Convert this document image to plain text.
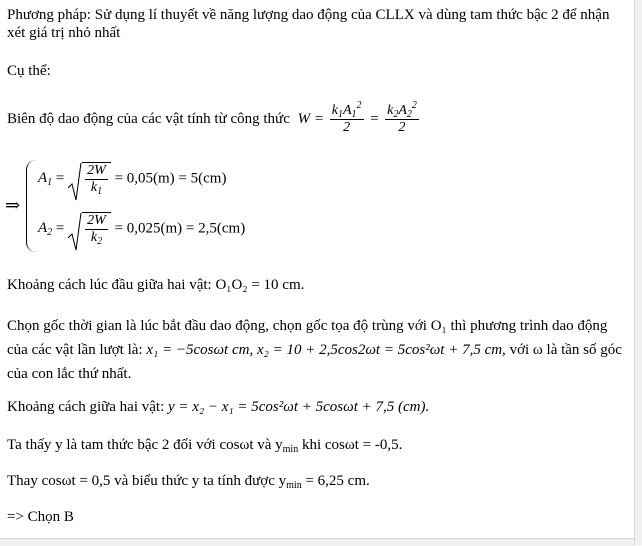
Phương pháp: Sử dụng lí thuyết về năng lượng dao động của CLLX và dùng tam thức bậc 2 để nhận xét giá trị nhỏ nhất
Cụ thể:
Biên độ dao động của các vật tính từ công thức $W = \frac{k_1A_1^2}{2} = \frac{k_2A_2^2}{2}$
⇒
$A_1 = \frac{2W}{k_1} = 0,05(m) = 5(cm)$
$A_2 = \frac{2W}{k_2} = 0,025(m) = 2,5(cm)$
Khoảng cách lúc đầu giữa hai vật: O₁O₂ = 10 cm.
Chọn gốc thời gian là lúc bắt đầu dao động, chọn gốc tọa độ trùng với O₁ thì phương trình dao động của các vật lần lượt là: x₁ = −5cosωt cm, x₂ = 10 + 2,5cos2ωt = 5cos²ωt + 7,5 cm, với ω là tần số góc của con lắc thứ nhất.
Khoảng cách giữa hai vật: y = x₂ − x₁ = 5cos²ωt + 5cosωt + 7,5 (cm).
Ta thấy y là tam thức bậc 2 đối với cosωt và $y_{min}$ khi cosωt = -0,5.
Thay cosωt = 0,5 và biểu thức y ta tính được $y_{min} = 6,25$ cm.
=> Chọn B
